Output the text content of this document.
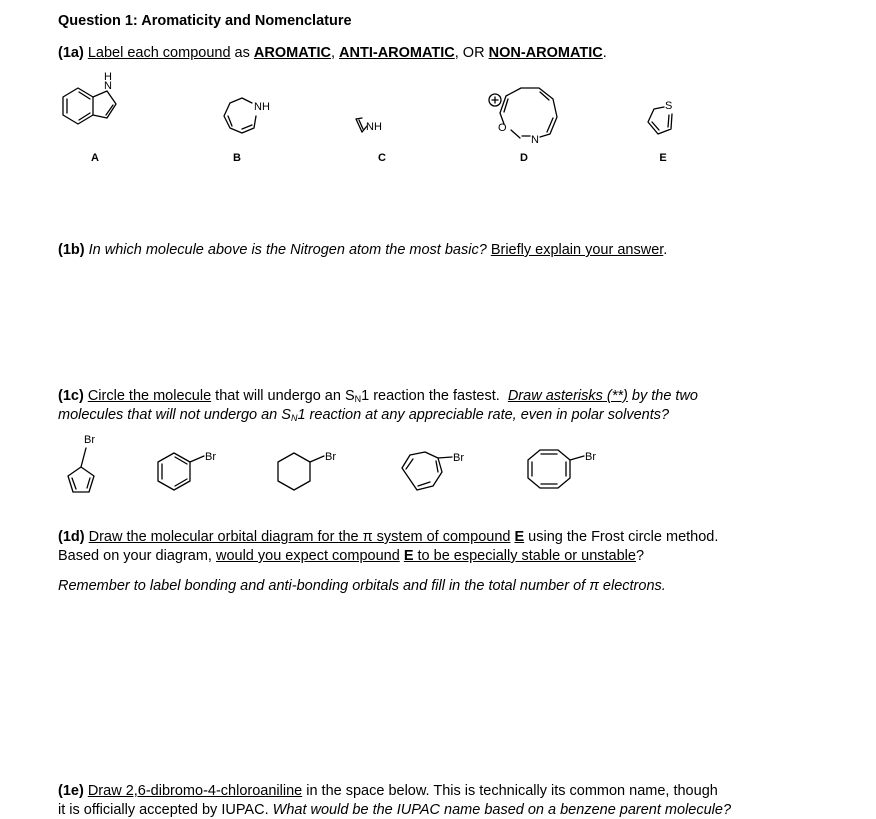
Question 1: Aromaticity and Nomenclature
(1a) Label each compound as AROMATIC, ANTI-AROMATIC, OR NON-AROMATIC.
N
H
A
NH
B
NH
C
O
N
D
S
E
(1b) In which molecule above is the Nitrogen atom the most basic? Briefly explain your answer.
(1c) Circle the molecule that will undergo an $S_N1$ reaction the fastest. Draw asterisks (**) by the two
molecules that will not undergo an $S_N1$ reaction at any appreciable rate, even in polar solvents?
Br
Br	Br	Br	Br
(1d) Draw the molecular orbital diagram for the π system of compound E using the Frost circle method.
Based on your diagram, would you expect compound E to be especially stable or unstable?
Remember to label bonding and anti-bonding orbitals and fill in the total number of π electrons.
(1e) Draw 2,6-dibromo-4-chloroaniline in the space below. This is technically its common name, though
it is officially accepted by IUPAC. What would be the IUPAC name based on a benzene parent molecule?
